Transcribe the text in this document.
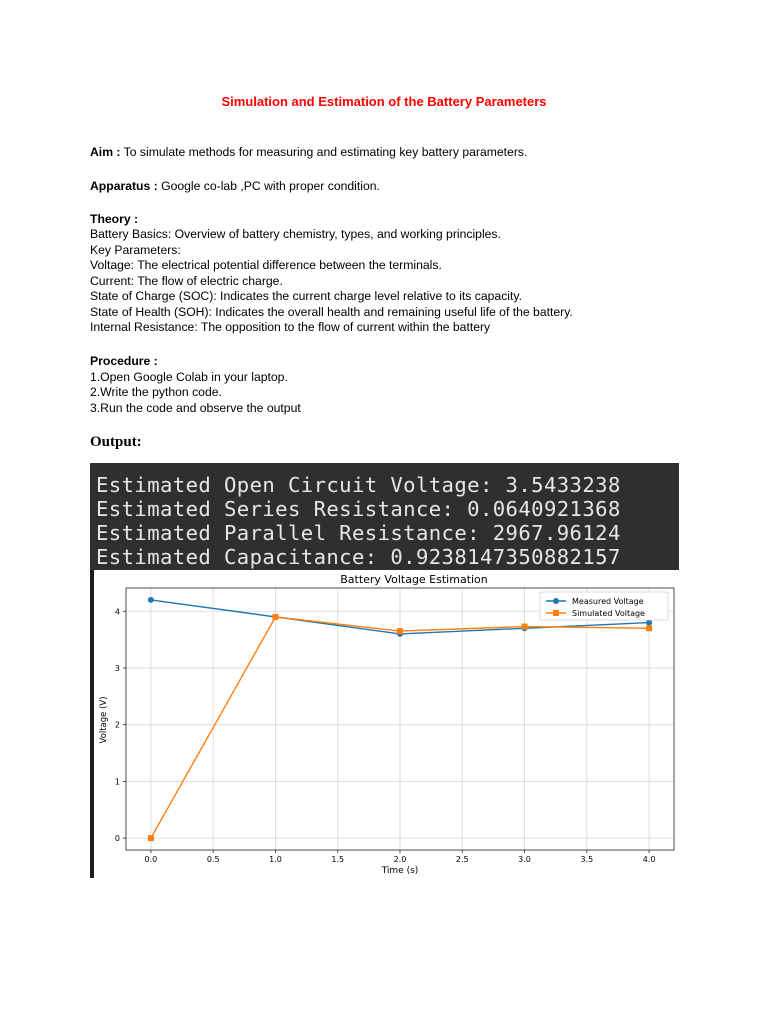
Simulation and Estimation of the Battery Parameters
Aim : To simulate methods for measuring and estimating key battery parameters.
Apparatus : Google co-lab ,PC with proper condition.
Theory :
Battery Basics: Overview of battery chemistry, types, and working principles.
Key Parameters:
Voltage: The electrical potential difference between the terminals.
Current: The flow of electric charge.
State of Charge (SOC): Indicates the current charge level relative to its capacity.
State of Health (SOH): Indicates the overall health and remaining useful life of the battery.
Internal Resistance: The opposition to the flow of current within the battery
Procedure :
1.Open Google Colab in your laptop.
2.Write the python code.
3.Run the code and observe the output
Output:
Estimated Open Circuit Voltage: 3.5433238
Estimated Series Resistance: 0.0640921368
Estimated Parallel Resistance: 2967.96124
Estimated Capacitance: 0.9238147350882157
Battery Voltage Estimation
0.0	0.5	1.0	1.5	2.0	2.5	3.0	3.5	4.0
0
1
2
3
4
Time (s)
Voltage (V)
Measured Voltage
Simulated Voltage
